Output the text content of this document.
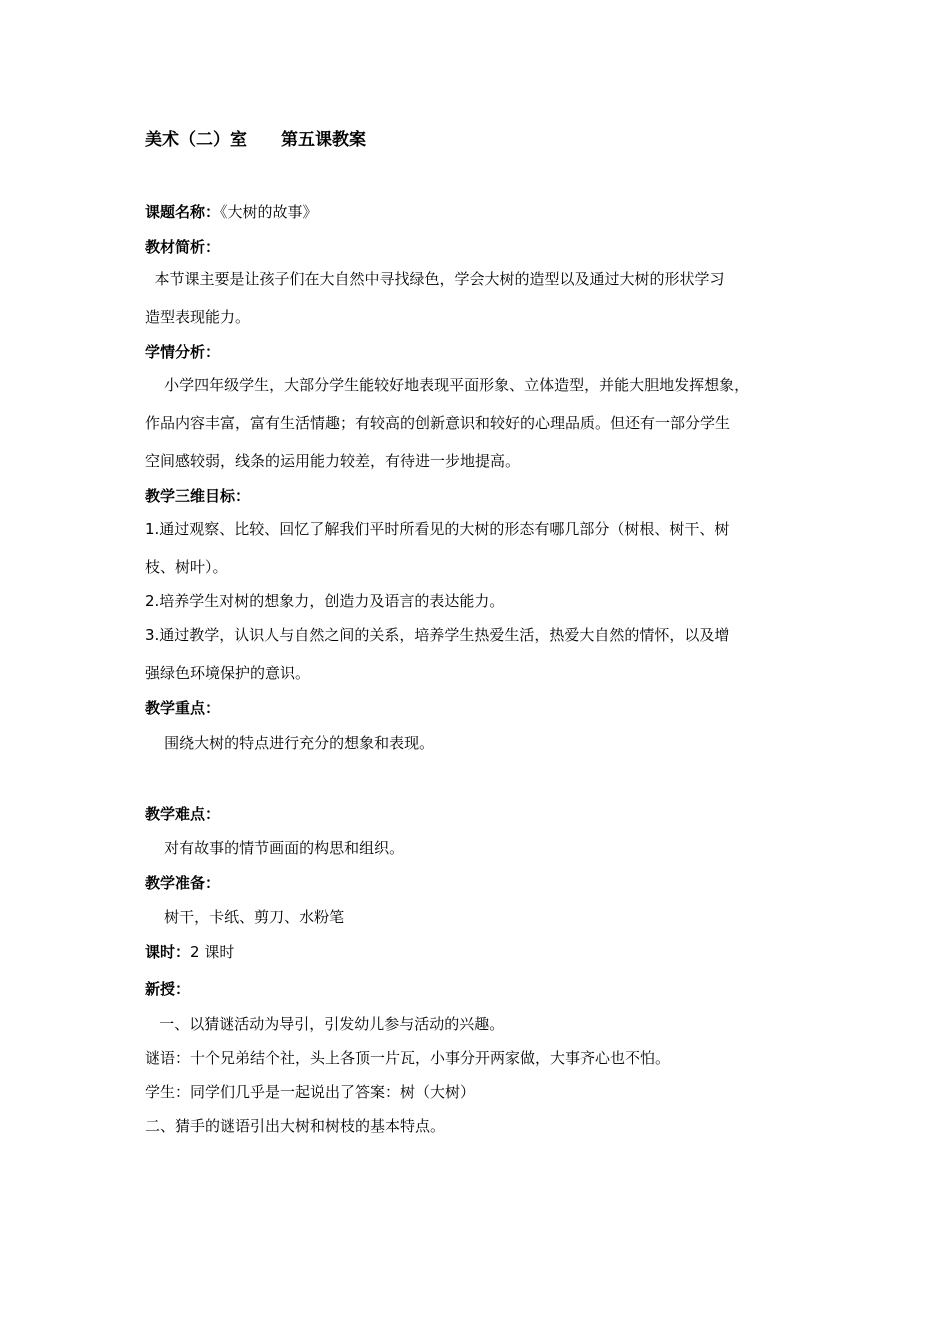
美术（二）室 第五课教案
课题名称：《大树的故事》
教材简析：
本节课主要是让孩子们在大自然中寻找绿色，学会大树的造型以及通过大树的形状学习
造型表现能力。
学情分析：
小学四年级学生，大部分学生能较好地表现平面形象、立体造型，并能大胆地发挥想象，
作品内容丰富，富有生活情趣；有较高的创新意识和较好的心理品质。但还有一部分学生
空间感较弱，线条的运用能力较差，有待进一步地提高。
教学三维目标：
1.通过观察、比较、回忆了解我们平时所看见的大树的形态有哪几部分（树根、树干、树
枝、树叶）。
2.培养学生对树的想象力，创造力及语言的表达能力。
3.通过教学，认识人与自然之间的关系，培养学生热爱生活，热爱大自然的情怀，以及增
强绿色环境保护的意识。
教学重点：
围绕大树的特点进行充分的想象和表现。
教学难点：
对有故事的情节画面的构思和组织。
教学准备：
树干，卡纸、剪刀、水粉笔
课时：2 课时
新授：
一、以猜谜活动为导引，引发幼儿参与活动的兴趣。
谜语：十个兄弟结个社，头上各顶一片瓦，小事分开两家做，大事齐心也不怕。
学生：同学们几乎是一起说出了答案：树（大树）
二、猜手的谜语引出大树和树枝的基本特点。
